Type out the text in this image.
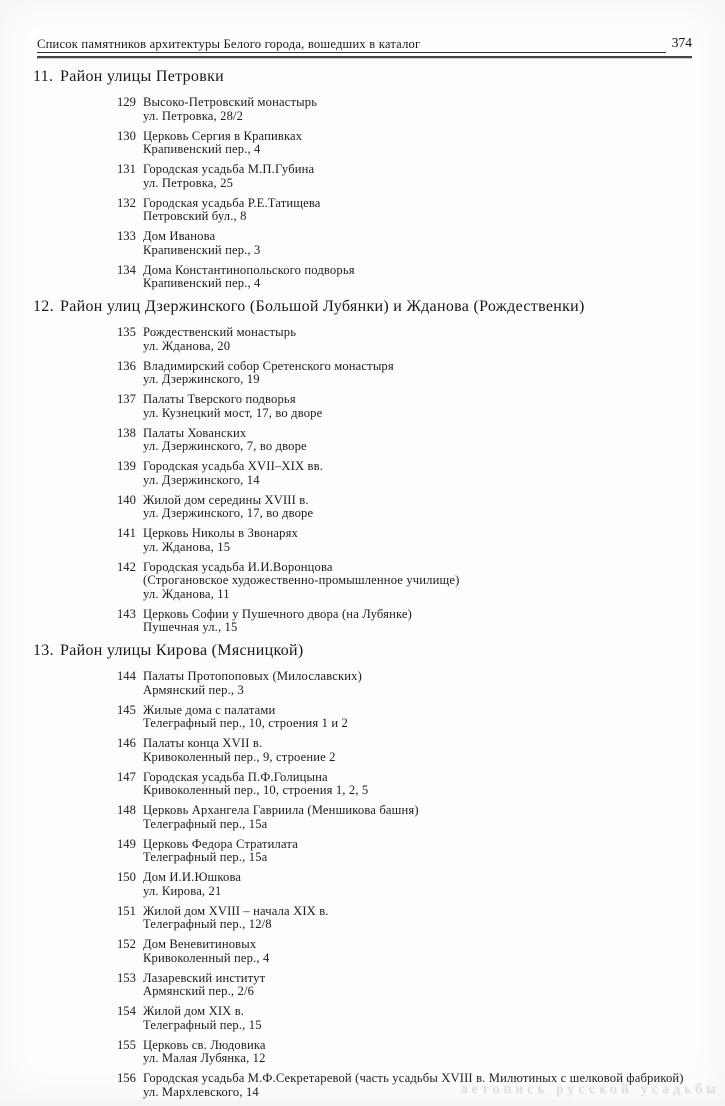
Список памятников архитектуры Белого города, вошедших в каталог	374
11. Район улицы Петровки
129 Высоко-Петровский монастырь
ул. Петровка, 28/2
130 Церковь Сергия в Крапивках
Крапивенский пер., 4
131 Городская усадьба М.П.Губина
ул. Петровка, 25
132 Городская усадьба Р.Е.Татищева
Петровский бул., 8
133 Дом Иванова
Крапивенский пер., 3
134 Дома Константинопольского подворья
Крапивенский пер., 4
12. Район улиц Дзержинского (Большой Лубянки) и Жданова (Рождественки)
135 Рождественский монастырь
ул. Жданова, 20
136 Владимирский собор Сретенского монастыря
ул. Дзержинского, 19
137 Палаты Тверского подворья
ул. Кузнецкий мост, 17, во дворе
138 Палаты Хованских
ул. Дзержинского, 7, во дворе
139 Городская усадьба XVII–XIX вв.
ул. Дзержинского, 14
140 Жилой дом середины XVIII в.
ул. Дзержинского, 17, во дворе
141 Церковь Николы в Звонарях
ул. Жданова, 15
142 Городская усадьба И.И.Воронцова
(Строгановское художественно-промышленное училище)
ул. Жданова, 11
143 Церковь Софии у Пушечного двора (на Лубянке)
Пушечная ул., 15
13. Район улицы Кирова (Мясницкой)
144 Палаты Протопоповых (Милославских)
Армянский пер., 3
145 Жилые дома с палатами
Телеграфный пер., 10, строения 1 и 2
146 Палаты конца XVII в.
Кривоколенный пер., 9, строение 2
147 Городская усадьба П.Ф.Голицына
Кривоколенный пер., 10, строения 1, 2, 5
148 Церковь Архангела Гавриила (Меншикова башня)
Телеграфный пер., 15а
149 Церковь Федора Стратилата
Телеграфный пер., 15а
150 Дом И.И.Юшкова
ул. Кирова, 21
151 Жилой дом XVIII – начала XIX в.
Телеграфный пер., 12/8
152 Дом Веневитиновых
Кривоколенный пер., 4
153 Лазаревский институт
Армянский пер., 2/6
154 Жилой дом XIX в.
Телеграфный пер., 15
155 Церковь св. Людовика
ул. Малая Лубянка, 12
156 Городская усадьба М.Ф.Секретаревой (часть усадьбы XVIII в. Милютиных с шелковой фабрикой)
ул. Мархлевского, 14	летопись русской усадьбы
